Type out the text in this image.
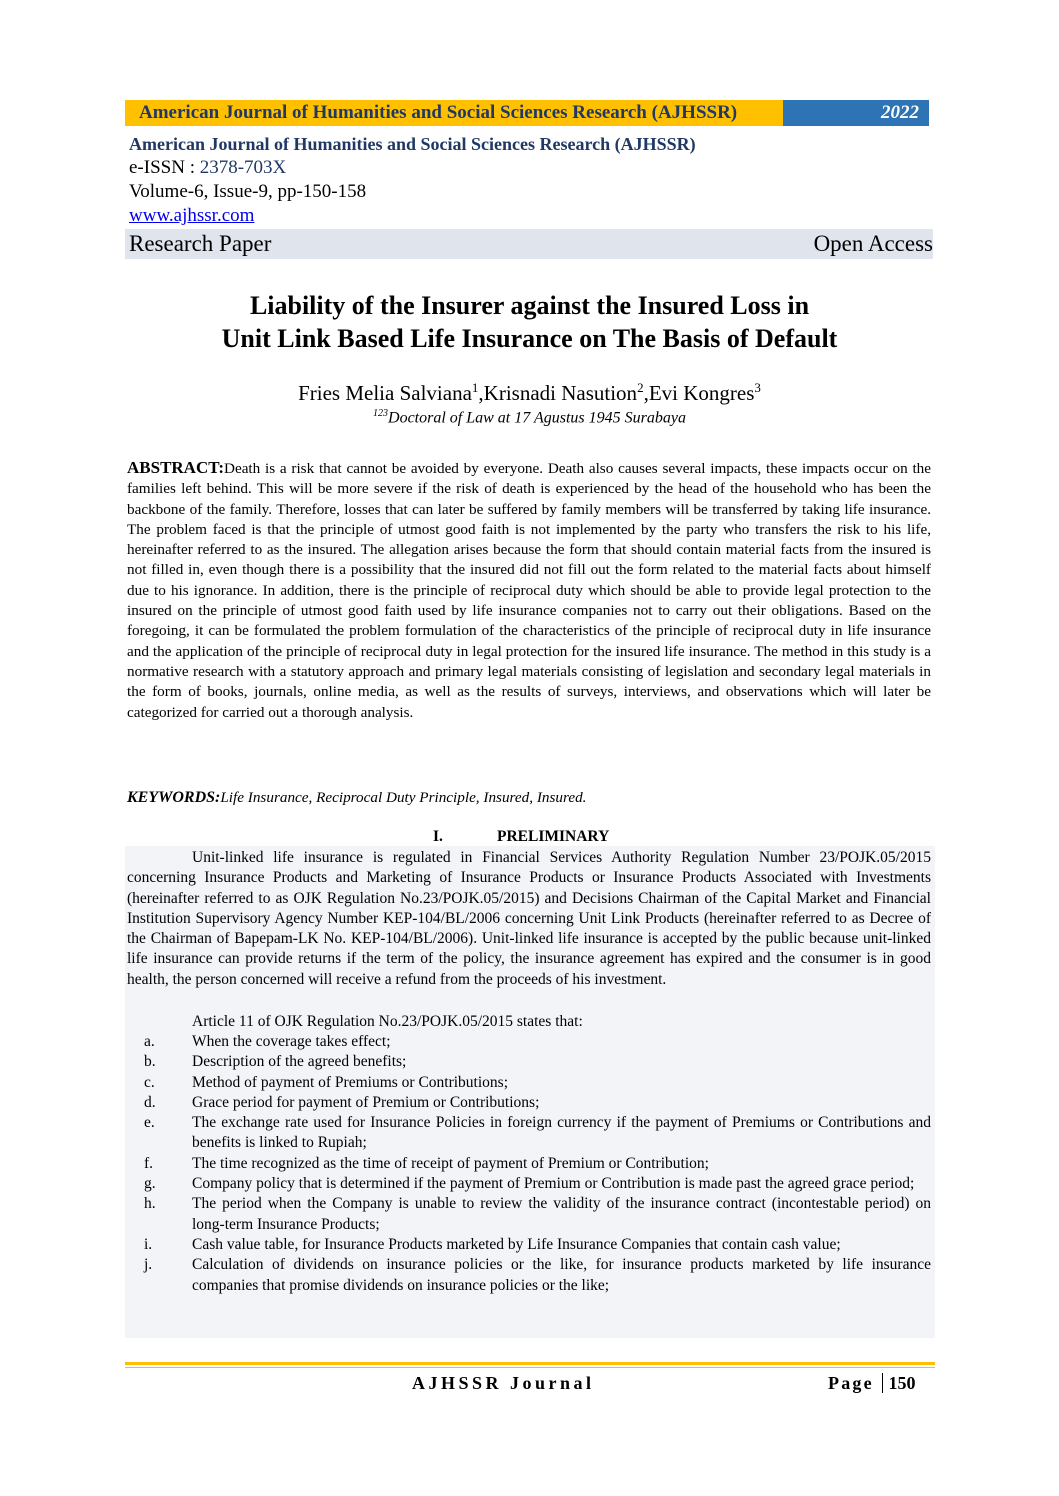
American Journal of Humanities and Social Sciences Research (AJHSSR)	2022
American Journal of Humanities and Social Sciences Research (AJHSSR)
e-ISSN : 2378-703X
Volume-6, Issue-9, pp-150-158
www.ajhssr.com
Research Paper	Open Access
Liability of the Insurer against the Insured Loss in
Unit Link Based Life Insurance on The Basis of Default
Fries Melia Salviana$^1$,Krisnadi Nasution$^2$,Evi Kongres$^3$
$^{123}$Doctoral of Law at 17 Agustus 1945 Surabaya
ABSTRACT:Death is a risk that cannot be avoided by everyone. Death also causes several impacts, these impacts occur on the families left behind. This will be more severe if the risk of death is experienced by the head of the household who has been the backbone of the family. Therefore, losses that can later be suffered by family members will be transferred by taking life insurance. The problem faced is that the principle of utmost good faith is not implemented by the party who transfers the risk to his life, hereinafter referred to as the insured. The allegation arises because the form that should contain material facts from the insured is not filled in, even though there is a possibility that the insured did not fill out the form related to the material facts about himself due to his ignorance. In addition, there is the principle of reciprocal duty which should be able to provide legal protection to the insured on the principle of utmost good faith used by life insurance companies not to carry out their obligations. Based on the foregoing, it can be formulated the problem formulation of the characteristics of the principle of reciprocal duty in life insurance and the application of the principle of reciprocal duty in legal protection for the insured life insurance. The method in this study is a normative research with a statutory approach and primary legal materials consisting of legislation and secondary legal materials in the form of books, journals, online media, as well as the results of surveys, interviews, and observations which will later be categorized for carried out a thorough analysis.
KEYWORDS:Life Insurance, Reciprocal Duty Principle, Insured, Insured.
I.	PRELIMINARY
Unit-linked life insurance is regulated in Financial Services Authority Regulation Number 23/POJK.05/2015 concerning Insurance Products and Marketing of Insurance Products or Insurance Products Associated with Investments (hereinafter referred to as OJK Regulation No.23/POJK.05/2015) and Decisions Chairman of the Capital Market and Financial Institution Supervisory Agency Number KEP-104/BL/2006 concerning Unit Link Products (hereinafter referred to as Decree of the Chairman of Bapepam-LK No. KEP-104/BL/2006). Unit-linked life insurance is accepted by the public because unit-linked life insurance can provide returns if the term of the policy, the insurance agreement has expired and the consumer is in good health, the person concerned will receive a refund from the proceeds of his investment.
Article 11 of OJK Regulation No.23/POJK.05/2015 states that:
a. When the coverage takes effect;
b. Description of the agreed benefits;
c. Method of payment of Premiums or Contributions;
d. Grace period for payment of Premium or Contributions;
e. The exchange rate used for Insurance Policies in foreign currency if the payment of Premiums or Contributions and benefits is linked to Rupiah;
f.	The time recognized as the time of receipt of payment of Premium or Contribution;
g. Company policy that is determined if the payment of Premium or Contribution is made past the agreed grace period;
h. The period when the Company is unable to review the validity of the insurance contract (incontestable period) on long-term Insurance Products;
i.	Cash value table, for Insurance Products marketed by Life Insurance Companies that contain cash value;
j.	Calculation of dividends on insurance policies or the like, for insurance products marketed by life insurance companies that promise dividends on insurance policies or the like;
AJHSSR Journal	Page 150
